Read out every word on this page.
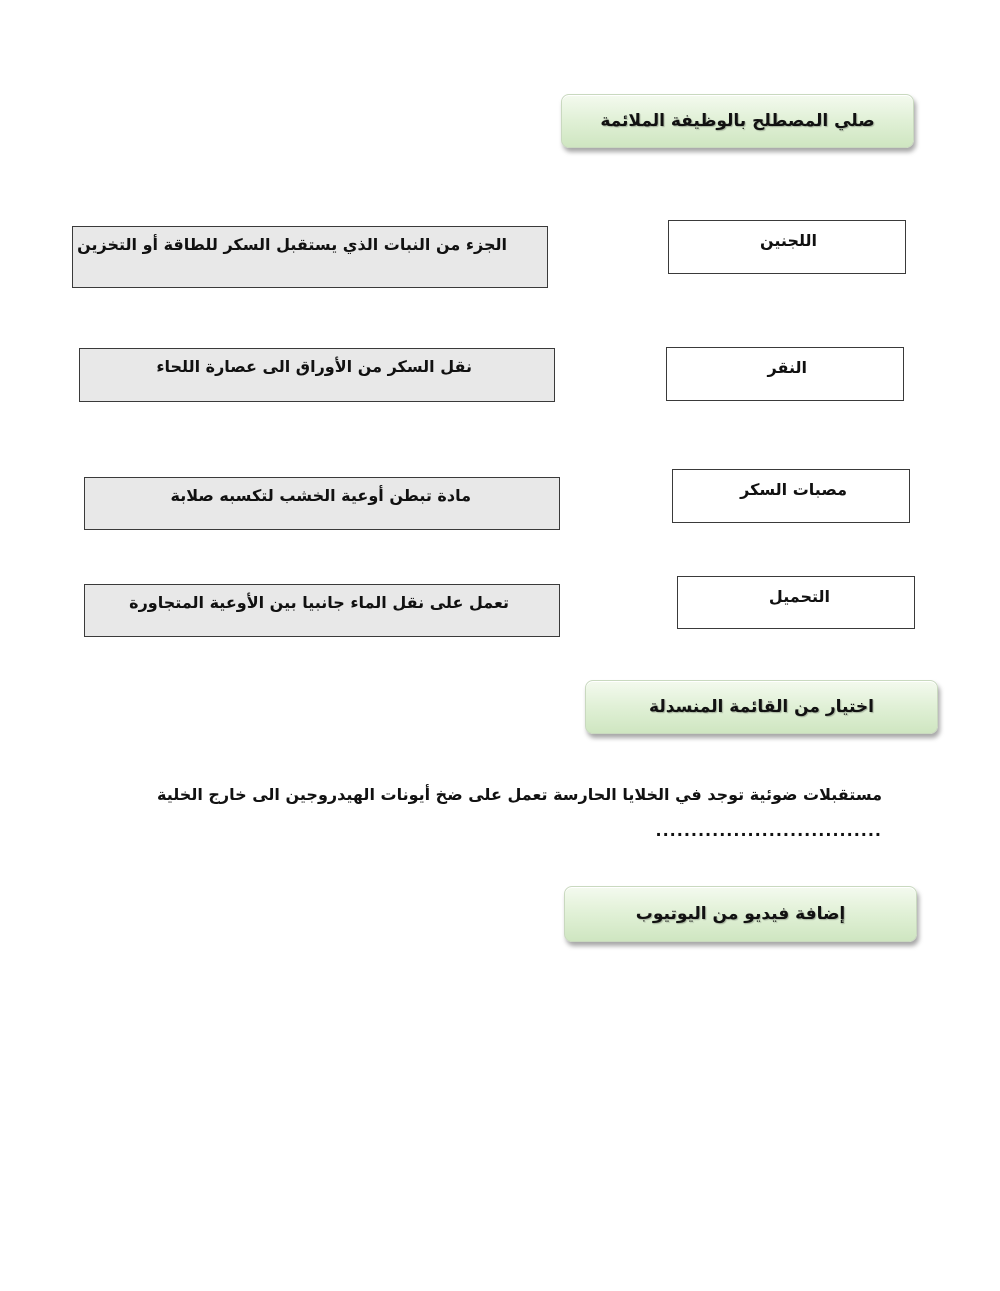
صلي المصطلح بالوظيفة الملائمة
الجزء من النبات الذي يستقبل السكر للطاقة أو التخزين	اللجنين
نقل السكر من الأوراق الى عصارة اللحاء	النقر
مادة تبطن أوعية الخشب لتكسبه صلابة	مصبات السكر
تعمل على نقل الماء جانبيا بين الأوعية المتجاورة	التحميل
اختيار من القائمة المنسدلة
مستقبلات ضوئية توجد في الخلايا الحارسة تعمل على ضخ أيونات الهيدروجين الى خارج الخلية
................................
إضافة فيديو من اليوتيوب
